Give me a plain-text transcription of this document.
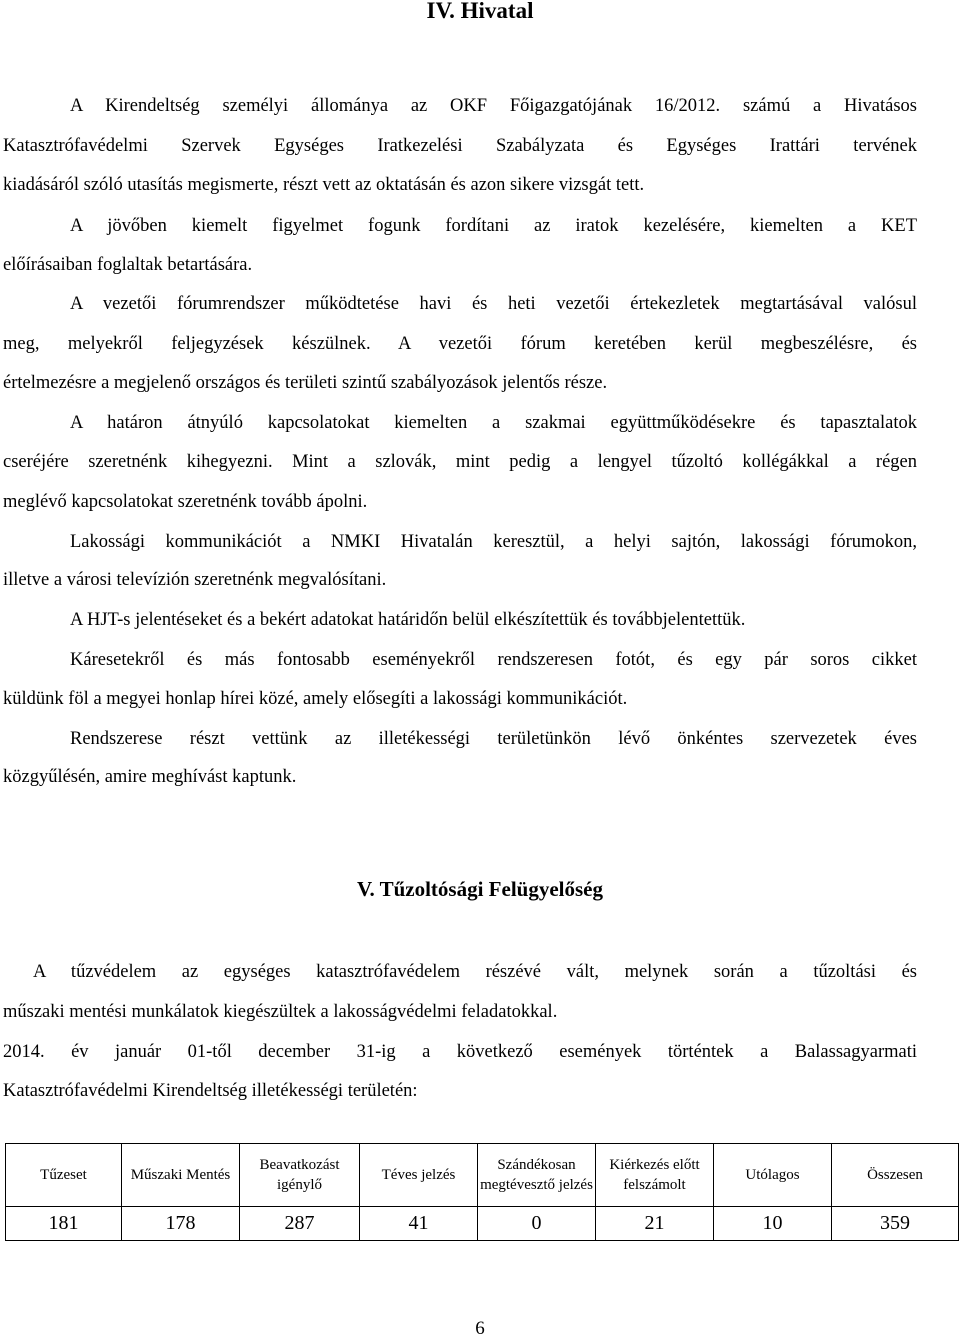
IV. Hivatal
A Kirendeltség személyi állománya az OKF Főigazgatójának 16/2012. számú a Hivatásos
Katasztrófavédelmi Szervek Egységes Iratkezelési Szabályzata és Egységes Irattári tervének
kiadásáról szóló utasítás megismerte, részt vett az oktatásán és azon sikere vizsgát tett.
A jövőben kiemelt figyelmet fogunk fordítani az iratok kezelésére, kiemelten a KET
előírásaiban foglaltak betartására.
A vezetői fórumrendszer működtetése havi és heti vezetői értekezletek megtartásával valósul
meg, melyekről feljegyzések készülnek. A vezetői fórum keretében kerül megbeszélésre, és
értelmezésre a megjelenő országos és területi szintű szabályozások jelentős része.
A határon átnyúló kapcsolatokat kiemelten a szakmai együttműködésekre és tapasztalatok
cseréjére szeretnénk kihegyezni. Mint a szlovák, mint pedig a lengyel tűzoltó kollégákkal a régen
meglévő kapcsolatokat szeretnénk tovább ápolni.
Lakossági kommunikációt a NMKI Hivatalán keresztül, a helyi sajtón, lakossági fórumokon,
illetve a városi televízión szeretnénk megvalósítani.
A HJT-s jelentéseket és a bekért adatokat határidőn belül elkészítettük és továbbjelentettük.
Káresetekről és más fontosabb eseményekről rendszeresen fotót, és egy pár soros cikket
küldünk föl a megyei honlap hírei közé, amely elősegíti a lakossági kommunikációt.
Rendszerese részt vettünk az illetékességi területünkön lévő önkéntes szervezetek éves
közgyűlésén, amire meghívást kaptunk.
V. Tűzoltósági Felügyelőség
A tűzvédelem az egységes katasztrófavédelem részévé vált, melynek során a tűzoltási és
műszaki mentési munkálatok kiegészültek a lakosságvédelmi feladatokkal.
2014. év január 01-től december 31-ig a következő események történtek a Balassagyarmati
Katasztrófavédelmi Kirendeltség illetékességi területén:
Tűzeset	Műszaki Mentés	Beavatkozást igénylő	Téves jelzés	Szándékosan megtévesztő jelzés	Kiérkezés előtt felszámolt	Utólagos	Összesen
181	178	287	41	0	21	10	359
6
